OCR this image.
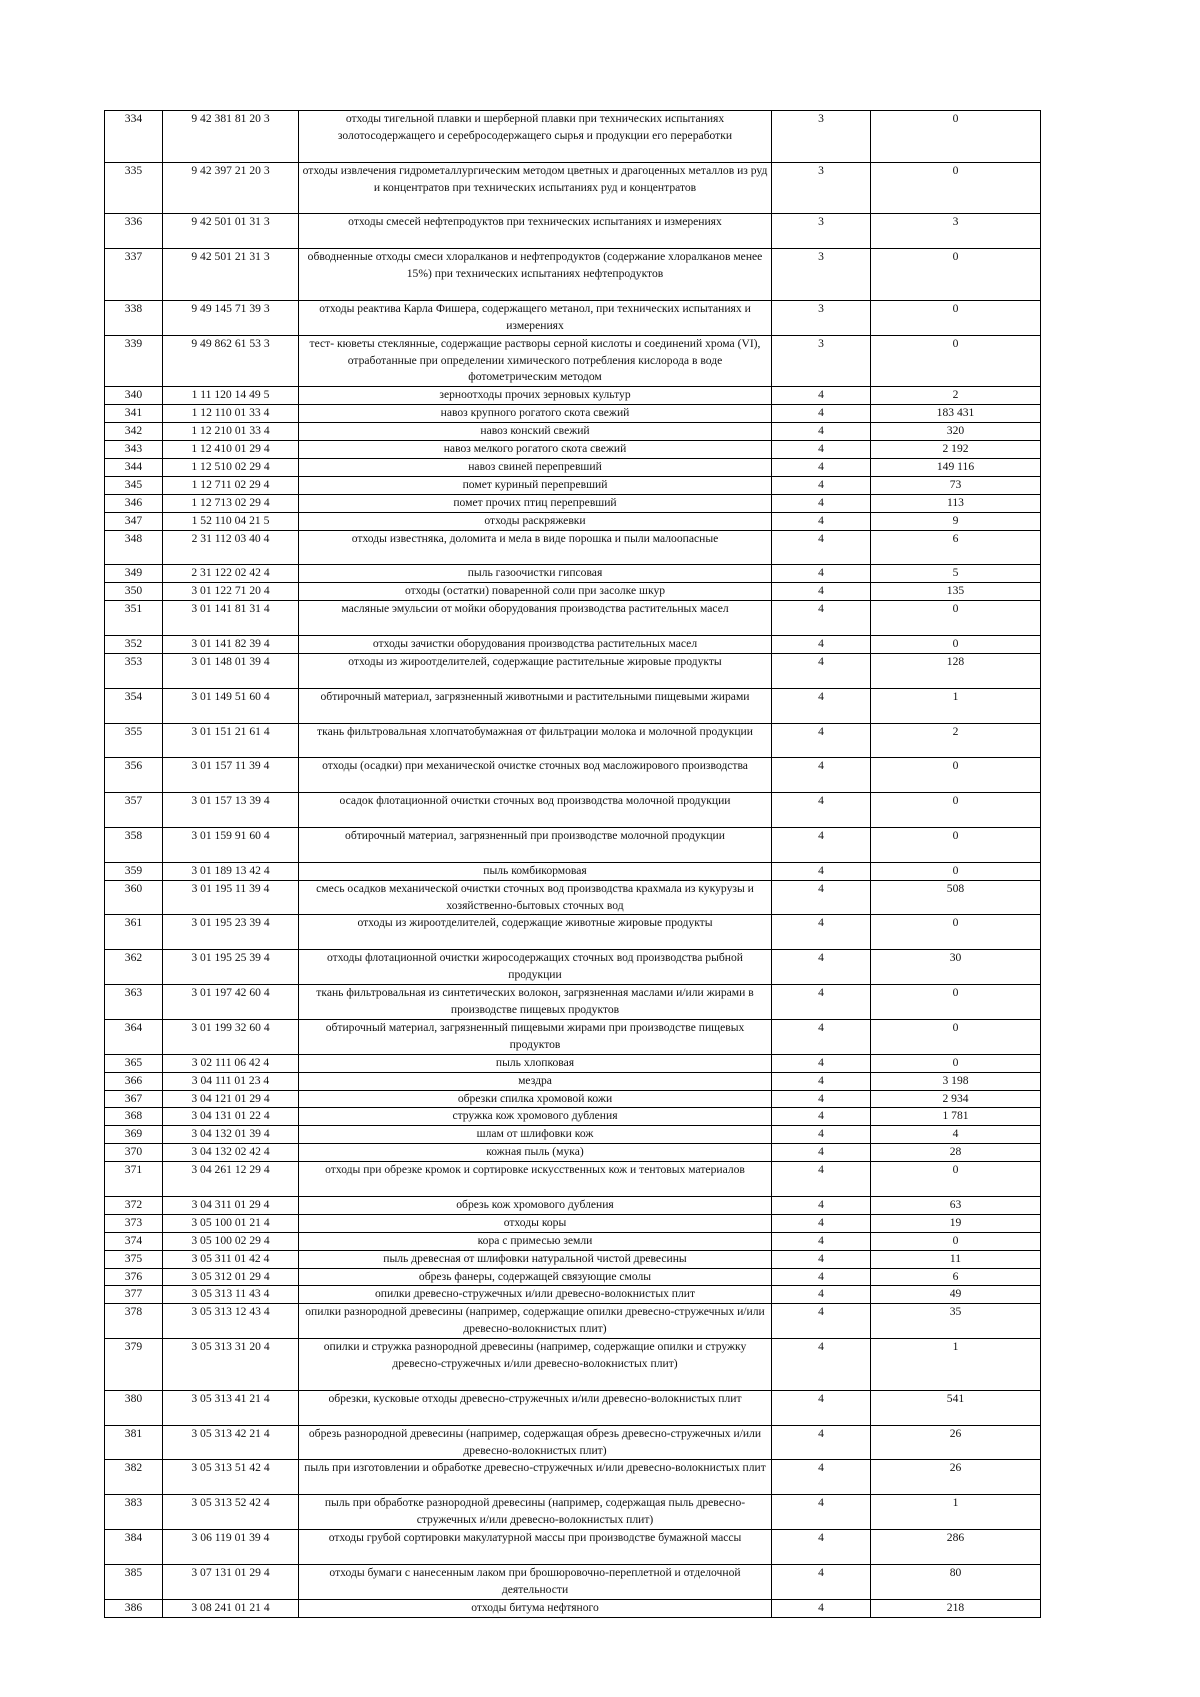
334	9 42 381 81 20 3	отходы тигельной плавки и шерберной плавки при технических испытаниях золотосодержащего и серебросодержащего сырья и продукции его переработки	3	0
335	9 42 397 21 20 3	отходы извлечения гидрометаллургическим методом цветных и драгоценных металлов из руд и концентратов при технических испытаниях руд и концентратов	3	0
336	9 42 501 01 31 3	отходы смесей нефтепродуктов при технических испытаниях и измерениях	3	3
337	9 42 501 21 31 3	обводненные отходы смеси хлоралканов и нефтепродуктов (содержание хлоралканов менее 15%) при технических испытаниях нефтепродуктов	3	0
338	9 49 145 71 39 3	отходы реактива Карла Фишера, содержащего метанол, при технических испытаниях и измерениях	3	0
339	9 49 862 61 53 3	тест- кюветы стеклянные, содержащие растворы серной кислоты и соединений хрома (VI), отработанные при определении химического потребления кислорода в воде фотометрическим методом	3	0
340	1 11 120 14 49 5	зерноотходы прочих зерновых культур	4	2
341	1 12 110 01 33 4	навоз крупного рогатого скота свежий	4	183 431
342	1 12 210 01 33 4	навоз конский свежий	4	320
343	1 12 410 01 29 4	навоз мелкого рогатого скота свежий	4	2 192
344	1 12 510 02 29 4	навоз свиней перепревший	4	149 116
345	1 12 711 02 29 4	помет куриный перепревший	4	73
346	1 12 713 02 29 4	помет прочих птиц перепревший	4	113
347	1 52 110 04 21 5	отходы раскряжевки	4	9
348	2 31 112 03 40 4	отходы известняка, доломита и мела в виде порошка и пыли малоопасные	4	6
349	2 31 122 02 42 4	пыль газоочистки гипсовая	4	5
350	3 01 122 71 20 4	отходы (остатки) поваренной соли при засолке шкур	4	135
351	3 01 141 81 31 4	масляные эмульсии от мойки оборудования производства растительных масел	4	0
352	3 01 141 82 39 4	отходы зачистки оборудования производства растительных масел	4	0
353	3 01 148 01 39 4	отходы из жироотделителей, содержащие растительные жировые продукты	4	128
354	3 01 149 51 60 4	обтирочный материал, загрязненный животными и растительными пищевыми жирами	4	1
355	3 01 151 21 61 4	ткань фильтровальная хлопчатобумажная от фильтрации молока и молочной продукции	4	2
356	3 01 157 11 39 4	отходы (осадки) при механической очистке сточных вод масложирового производства	4	0
357	3 01 157 13 39 4	осадок флотационной очистки сточных вод производства молочной продукции	4	0
358	3 01 159 91 60 4	обтирочный материал, загрязненный при производстве молочной продукции	4	0
359	3 01 189 13 42 4	пыль комбикормовая	4	0
360	3 01 195 11 39 4	смесь осадков механической очистки сточных вод производства крахмала из кукурузы и хозяйственно-бытовых сточных вод	4	508
361	3 01 195 23 39 4	отходы из жироотделителей, содержащие животные жировые продукты	4	0
362	3 01 195 25 39 4	отходы флотационной очистки жиросодержащих сточных вод производства рыбной продукции	4	30
363	3 01 197 42 60 4	ткань фильтровальная из синтетических волокон, загрязненная маслами и/или жирами в производстве пищевых продуктов	4	0
364	3 01 199 32 60 4	обтирочный материал, загрязненный пищевыми жирами при производстве пищевых продуктов	4	0
365	3 02 111 06 42 4	пыль хлопковая	4	0
366	3 04 111 01 23 4	мездра	4	3 198
367	3 04 121 01 29 4	обрезки спилка хромовой кожи	4	2 934
368	3 04 131 01 22 4	стружка кож хромового дубления	4	1 781
369	3 04 132 01 39 4	шлам от шлифовки кож	4	4
370	3 04 132 02 42 4	кожная пыль (мука)	4	28
371	3 04 261 12 29 4	отходы при обрезке кромок и сортировке искусственных кож и тентовых материалов	4	0
372	3 04 311 01 29 4	обрезь кож хромового дубления	4	63
373	3 05 100 01 21 4	отходы коры	4	19
374	3 05 100 02 29 4	кора с примесью земли	4	0
375	3 05 311 01 42 4	пыль древесная от шлифовки натуральной чистой древесины	4	11
376	3 05 312 01 29 4	обрезь фанеры, содержащей связующие смолы	4	6
377	3 05 313 11 43 4	опилки древесно-стружечных и/или древесно-волокнистых плит	4	49
378	3 05 313 12 43 4	опилки разнородной древесины (например, содержащие опилки древесно-стружечных и/или древесно-волокнистых плит)	4	35
379	3 05 313 31 20 4	опилки и стружка разнородной древесины (например, содержащие опилки и стружку древесно-стружечных и/или древесно-волокнистых плит)	4	1
380	3 05 313 41 21 4	обрезки, кусковые отходы древесно-стружечных и/или древесно-волокнистых плит	4	541
381	3 05 313 42 21 4	обрезь разнородной древесины (например, содержащая обрезь древесно-стружечных и/или древесно-волокнистых плит)	4	26
382	3 05 313 51 42 4	пыль при изготовлении и обработке древесно-стружечных и/или древесно-волокнистых плит	4	26
383	3 05 313 52 42 4	пыль при обработке разнородной древесины (например, содержащая пыль древесно-стружечных и/или древесно-волокнистых плит)	4	1
384	3 06 119 01 39 4	отходы грубой сортировки макулатурной массы при производстве бумажной массы	4	286
385	3 07 131 01 29 4	отходы бумаги с нанесенным лаком при брошюровочно-переплетной и отделочной деятельности	4	80
386	3 08 241 01 21 4	отходы битума нефтяного	4	218
